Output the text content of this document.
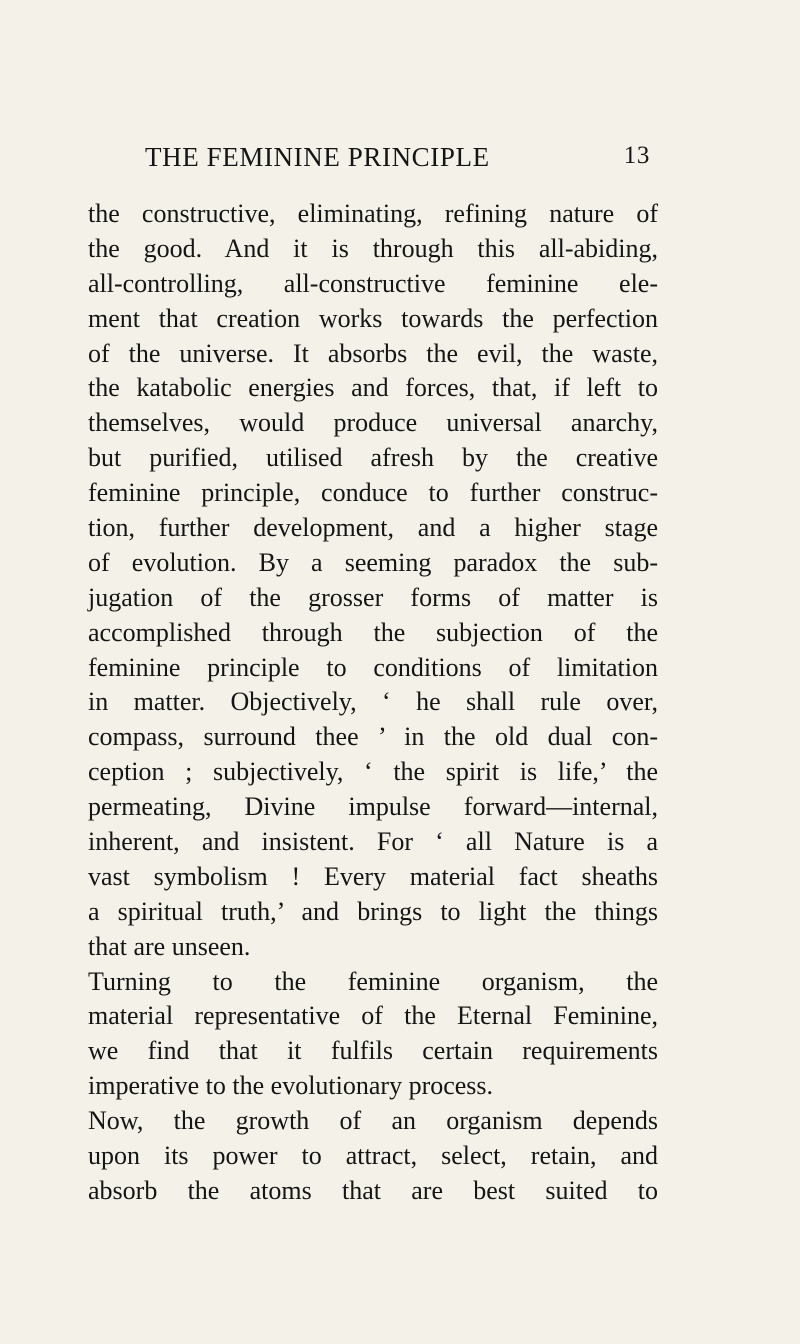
THE FEMININE PRINCIPLE	13
the constructive, eliminating, refining nature of
the good. And it is through this all-abiding,
all-controlling, all-constructive feminine ele-
ment that creation works towards the perfection
of the universe. It absorbs the evil, the waste,
the katabolic energies and forces, that, if left to
themselves, would produce universal anarchy,
but purified, utilised afresh by the creative
feminine principle, conduce to further construc-
tion, further development, and a higher stage
of evolution. By a seeming paradox the sub-
jugation of the grosser forms of matter is
accomplished through the subjection of the
feminine principle to conditions of limitation
in matter. Objectively, ‘ he shall rule over,
compass, surround thee ’ in the old dual con-
ception ; subjectively, ‘ the spirit is life,’ the
permeating, Divine impulse forward—internal,
inherent, and insistent. For ‘ all Nature is a
vast symbolism ! Every material fact sheaths
a spiritual truth,’ and brings to light the things
that are unseen.
Turning to the feminine organism, the
material representative of the Eternal Feminine,
we find that it fulfils certain requirements
imperative to the evolutionary process.
Now, the growth of an organism depends
upon its power to attract, select, retain, and
absorb the atoms that are best suited to
